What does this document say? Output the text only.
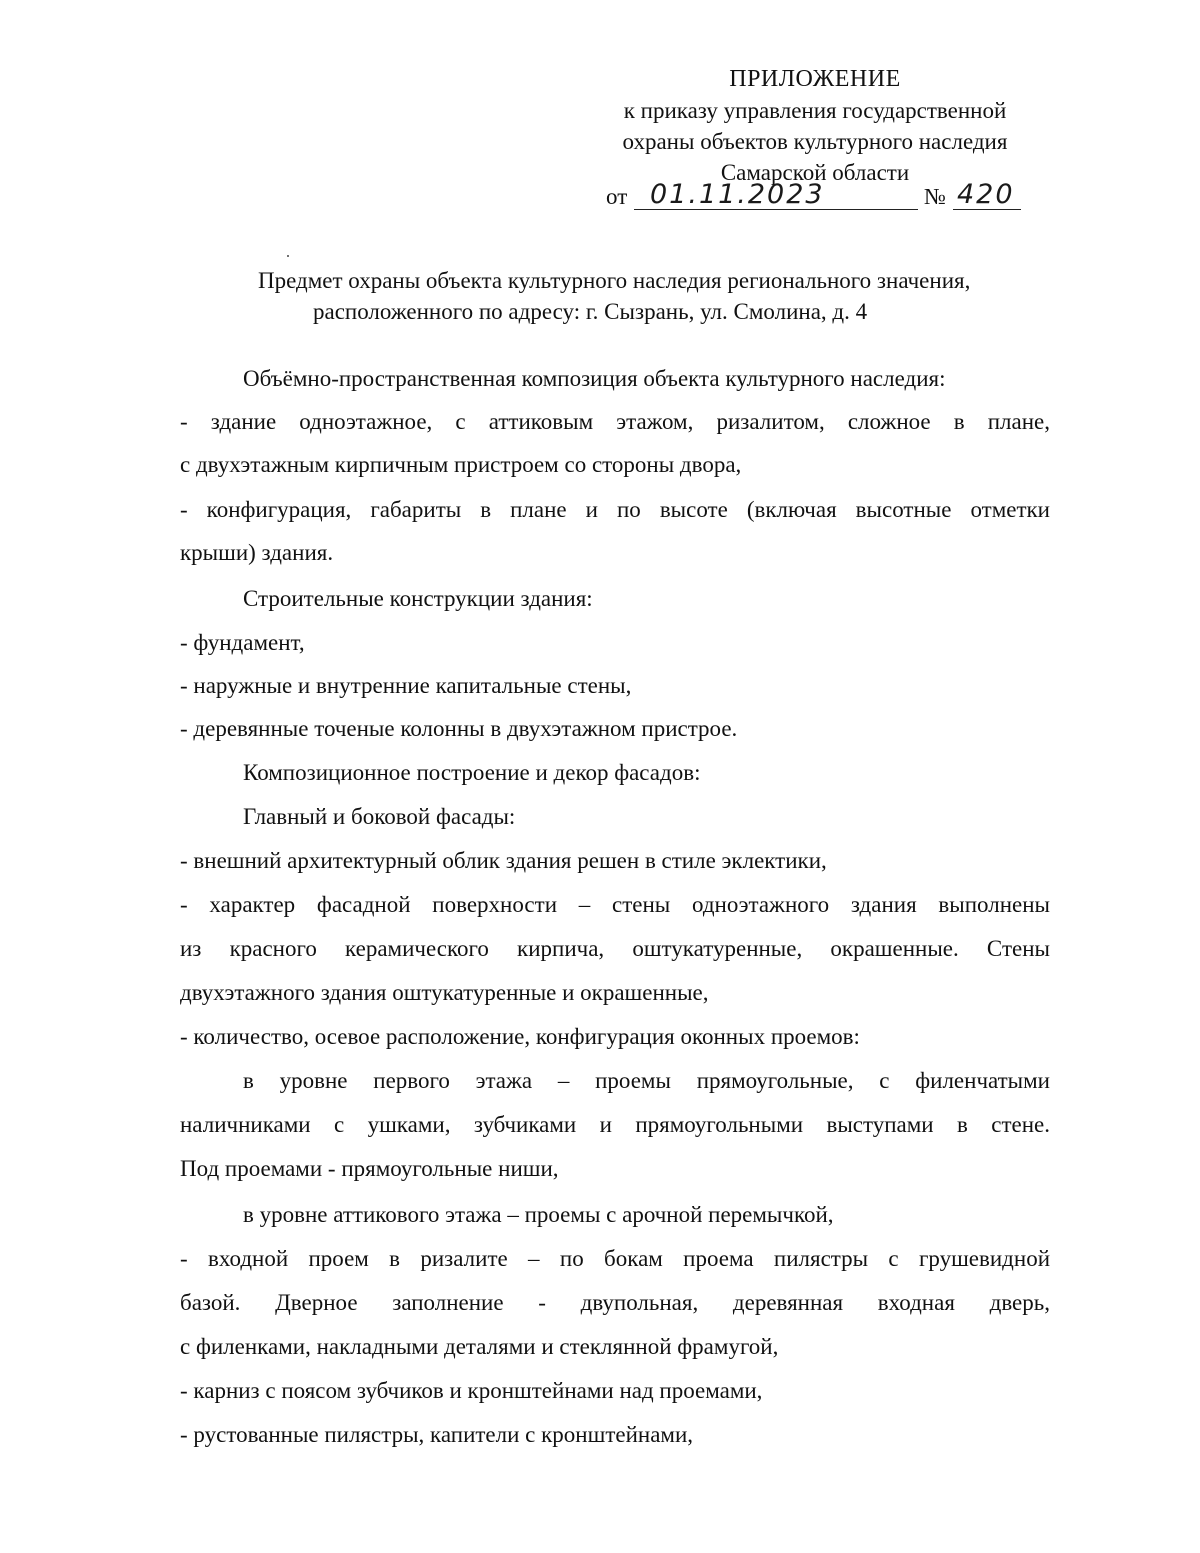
ПРИЛОЖЕНИЕ
к приказу управления государственной
охраны объектов культурного наследия
Самарской области
от 01.11.2023	№ 420
Предмет охраны объекта культурного наследия регионального значения,
расположенного по адресу: г. Сызрань, ул. Смолина, д. 4
Объёмно-пространственная композиция объекта культурного наследия:
- здание одноэтажное, с аттиковым этажом, ризалитом, сложное в плане,
с двухэтажным кирпичным пристроем со стороны двора,
- конфигурация, габариты в плане и по высоте (включая высотные отметки
крыши) здания.
Строительные конструкции здания:
- фундамент,
- наружные и внутренние капитальные стены,
- деревянные точеные колонны в двухэтажном пристрое.
Композиционное построение и декор фасадов:
Главный и боковой фасады:
- внешний архитектурный облик здания решен в стиле эклектики,
- характер фасадной поверхности – стены одноэтажного здания выполнены
из красного керамического кирпича, оштукатуренные, окрашенные. Стены
двухэтажного здания оштукатуренные и окрашенные,
- количество, осевое расположение, конфигурация оконных проемов:
в уровне первого этажа – проемы прямоугольные, с филенчатыми
наличниками с ушками, зубчиками и прямоугольными выступами в стене.
Под проемами - прямоугольные ниши,
в уровне аттикового этажа – проемы с арочной перемычкой,
- входной проем в ризалите – по бокам проема пилястры с грушевидной
базой. Дверное заполнение - двупольная, деревянная входная дверь,
с филенками, накладными деталями и стеклянной фрамугой,
- карниз с поясом зубчиков и кронштейнами над проемами,
- рустованные пилястры, капители с кронштейнами,
